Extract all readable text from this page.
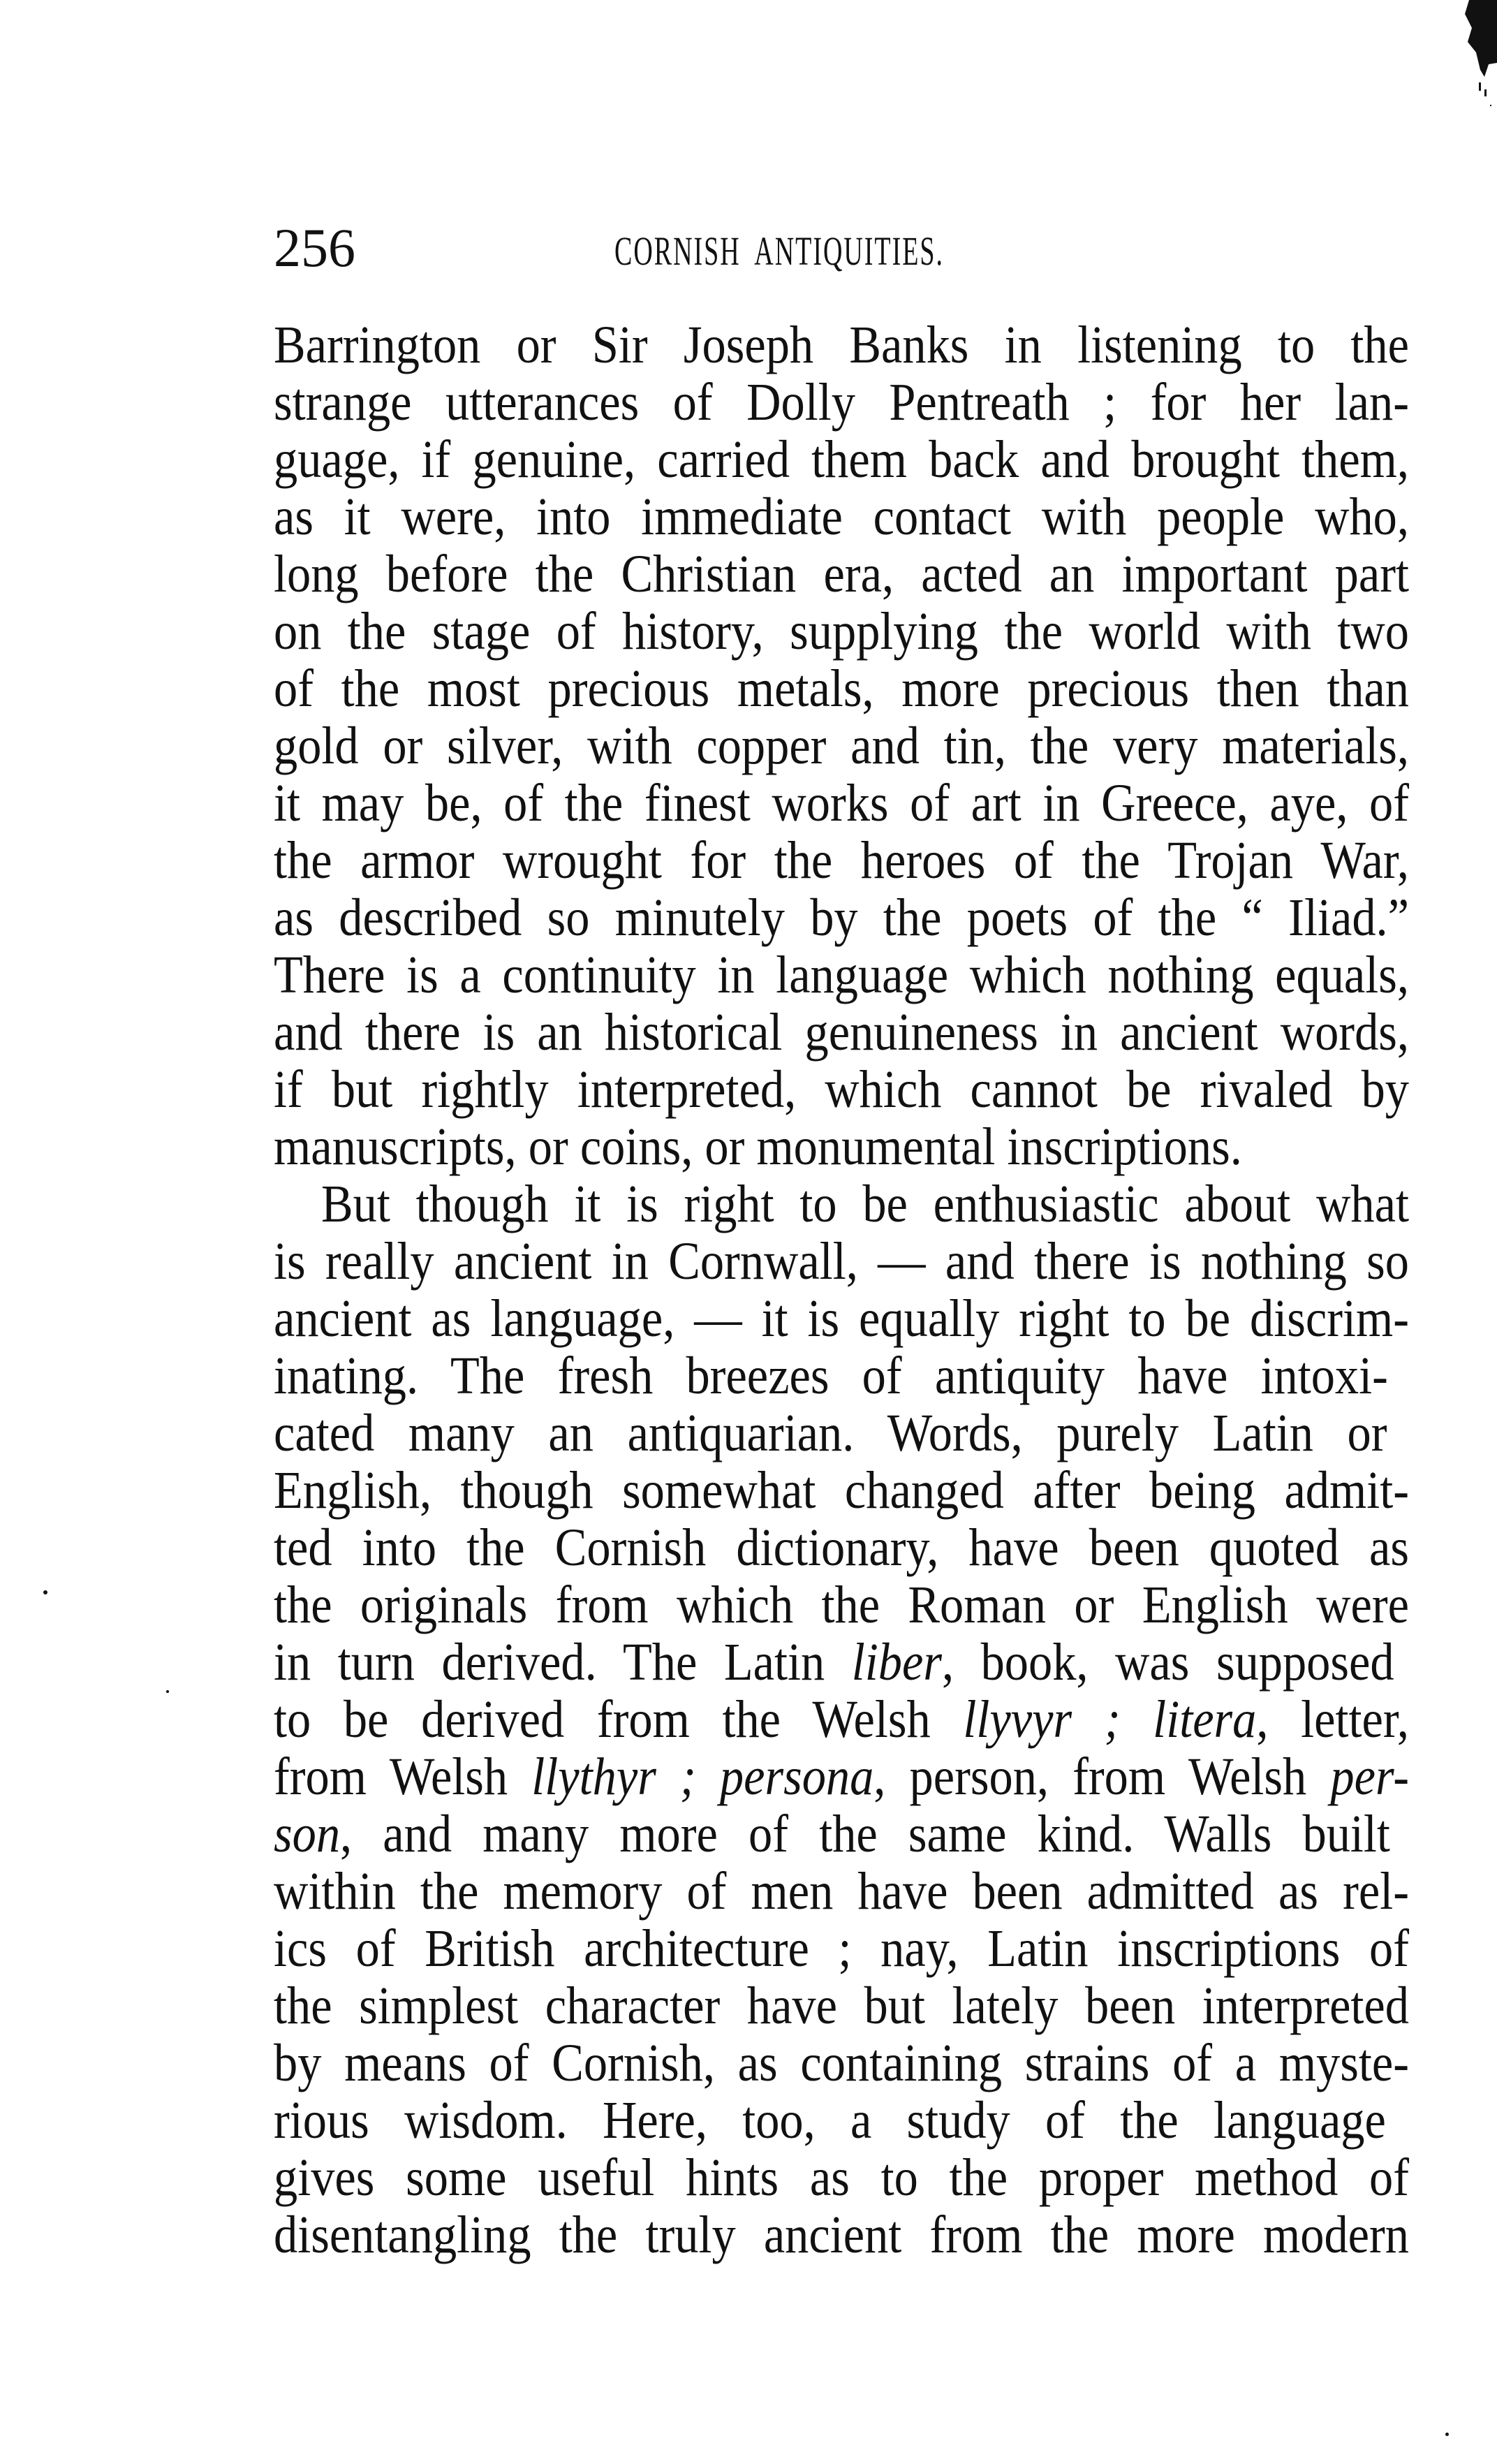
256	CORNISH ANTIQUITIES.
Barrington or Sir Joseph Banks in listening to the
strange utterances of Dolly Pentreath ; for her lan-
guage, if genuine, carried them back and brought them,
as it were, into immediate contact with people who,
long before the Christian era, acted an important part
on the stage of history, supplying the world with two
of the most precious metals, more precious then than
gold or silver, with copper and tin, the very materials,
it may be, of the finest works of art in Greece, aye, of
the armor wrought for the heroes of the Trojan War,
as described so minutely by the poets of the “ Iliad.”
There is a continuity in language which nothing equals,
and there is an historical genuineness in ancient words,
if but rightly interpreted, which cannot be rivaled by
manuscripts, or coins, or monumental inscriptions.
But though it is right to be enthusiastic about what
is really ancient in Cornwall, — and there is nothing so
ancient as language, — it is equally right to be discrim-
inating. The fresh breezes of antiquity have intoxi-
cated many an antiquarian. Words, purely Latin or
English, though somewhat changed after being admit-
ted into the Cornish dictionary, have been quoted as
the originals from which the Roman or English were
in turn derived. The Latin liber, book, was supposed
to be derived from the Welsh llyvyr ; litera, letter,
from Welsh llythyr ; persona, person, from Welsh per-
son, and many more of the same kind. Walls built
within the memory of men have been admitted as rel-
ics of British architecture ; nay, Latin inscriptions of
the simplest character have but lately been interpreted
by means of Cornish, as containing strains of a myste-
rious wisdom. Here, too, a study of the language
gives some useful hints as to the proper method of
disentangling the truly ancient from the more modern
